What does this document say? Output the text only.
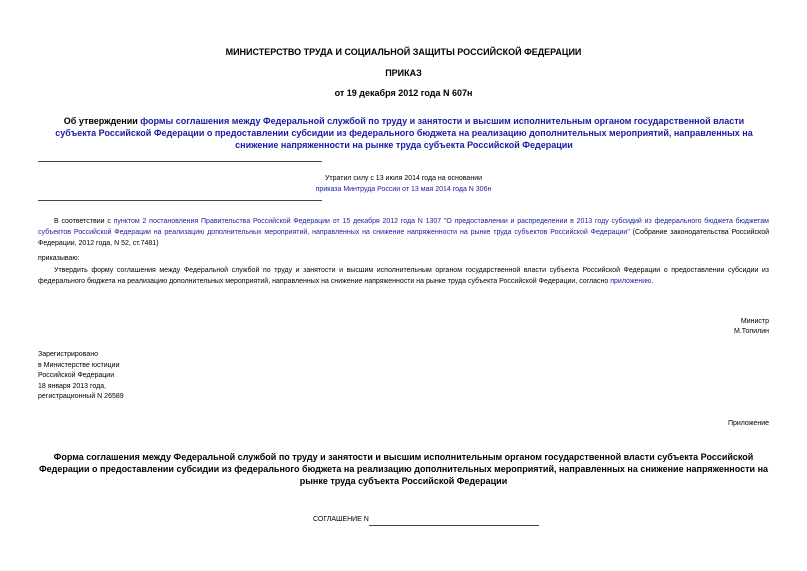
МИНИСТЕРСТВО ТРУДА И СОЦИАЛЬНОЙ ЗАЩИТЫ РОССИЙСКОЙ ФЕДЕРАЦИИ
ПРИКАЗ
от 19 декабря 2012 года N 607н
Об утверждении формы соглашения между Федеральной службой по труду и занятости и высшим исполнительным органом государственной власти субъекта Российской Федерации о предоставлении субсидии из федерального бюджета на реализацию дополнительных мероприятий, направленных на снижение напряженности на рынке труда субъекта Российской Федерации
Утратил силу с 13 июля 2014 года на основании
приказа Минтруда России от 13 мая 2014 года N 306н
В соответствии с пунктом 2 постановления Правительства Российской Федерации от 15 декабря 2012 года N 1307 "О предоставлении и распределении в 2013 году субсидий из федерального бюджета бюджетам субъектов Российской Федерации на реализацию дополнительных мероприятий, направленных на снижение напряженности на рынке труда субъектов Российской Федерации" (Собрание законодательства Российской Федерации, 2012 года, N 52, ст.7481)
приказываю:
Утвердить форму соглашения между Федеральной службой по труду и занятости и высшим исполнительным органом государственной власти субъекта Российской Федерации о предоставлении субсидии из федерального бюджета на реализацию дополнительных мероприятий, направленных на снижение напряженности на рынке труда субъекта Российской Федерации, согласно приложению.
Министр
М.Топилин
Зарегистрировано
в Министерстве юстиции
Российской Федерации
18 января 2013 года,
регистрационный N 26589
Приложение
Форма соглашения между Федеральной службой по труду и занятости и высшим исполнительным органом государственной власти субъекта Российской Федерации о предоставлении субсидии из федерального бюджета на реализацию дополнительных мероприятий, направленных на снижение напряженности на рынке труда субъекта Российской Федерации
СОГЛАШЕНИЕ N
